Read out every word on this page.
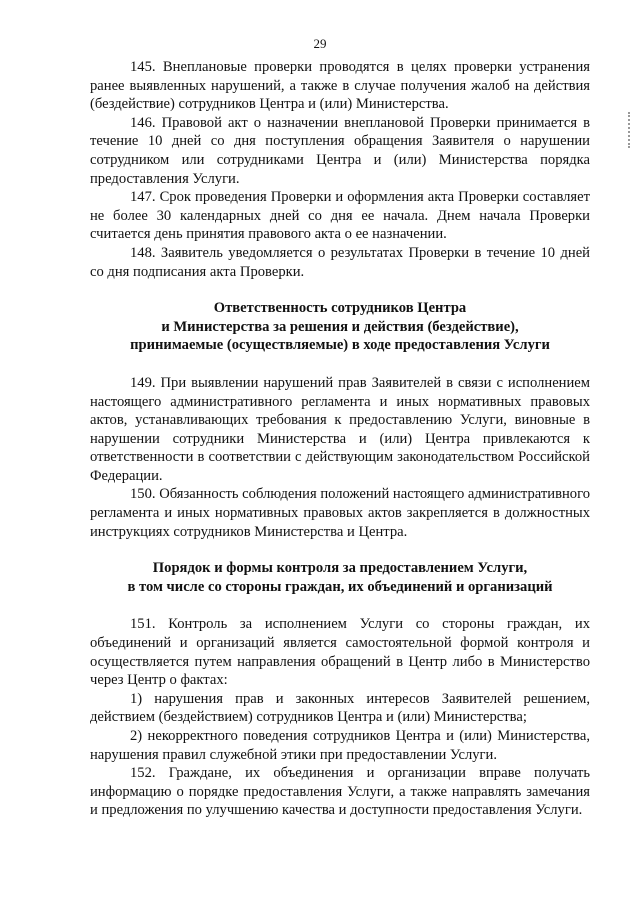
29

145. Внеплановые проверки проводятся в целях проверки устранения ранее выявленных нарушений, а также в случае получения жалоб на действия (бездействие) сотрудников Центра и (или) Министерства.

146. Правовой акт о назначении внеплановой Проверки принимается в течение 10 дней со дня поступления обращения Заявителя о нарушении сотрудником или сотрудниками Центра и (или) Министерства порядка предоставления Услуги.

147. Срок проведения Проверки и оформления акта Проверки составляет не более 30 календарных дней со дня ее начала. Днем начала Проверки считается день принятия правового акта о ее назначении.

148. Заявитель уведомляется о результатах Проверки в течение 10 дней со дня подписания акта Проверки.

Ответственность сотрудников Центра
и Министерства за решения и действия (бездействие),
принимаемые (осуществляемые) в ходе предоставления Услуги

149. При выявлении нарушений прав Заявителей в связи с исполнением настоящего административного регламента и иных нормативных правовых актов, устанавливающих требования к предоставлению Услуги, виновные в нарушении сотрудники Министерства и (или) Центра привлекаются к ответственности в соответствии с действующим законодательством Российской Федерации.

150. Обязанность соблюдения положений настоящего административного регламента и иных нормативных правовых актов закрепляется в должностных инструкциях сотрудников Министерства и Центра.

Порядок и формы контроля за предоставлением Услуги,
в том числе со стороны граждан, их объединений и организаций

151. Контроль за исполнением Услуги со стороны граждан, их объединений и организаций является самостоятельной формой контроля и осуществляется путем направления обращений в Центр либо в Министерство через Центр о фактах:

1) нарушения прав и законных интересов Заявителей решением, действием (бездействием) сотрудников Центра и (или) Министерства;

2) некорректного поведения сотрудников Центра и (или) Министерства, нарушения правил служебной этики при предоставлении Услуги.

152. Граждане, их объединения и организации вправе получать информацию о порядке предоставления Услуги, а также направлять замечания и предложения по улучшению качества и доступности предоставления Услуги.
